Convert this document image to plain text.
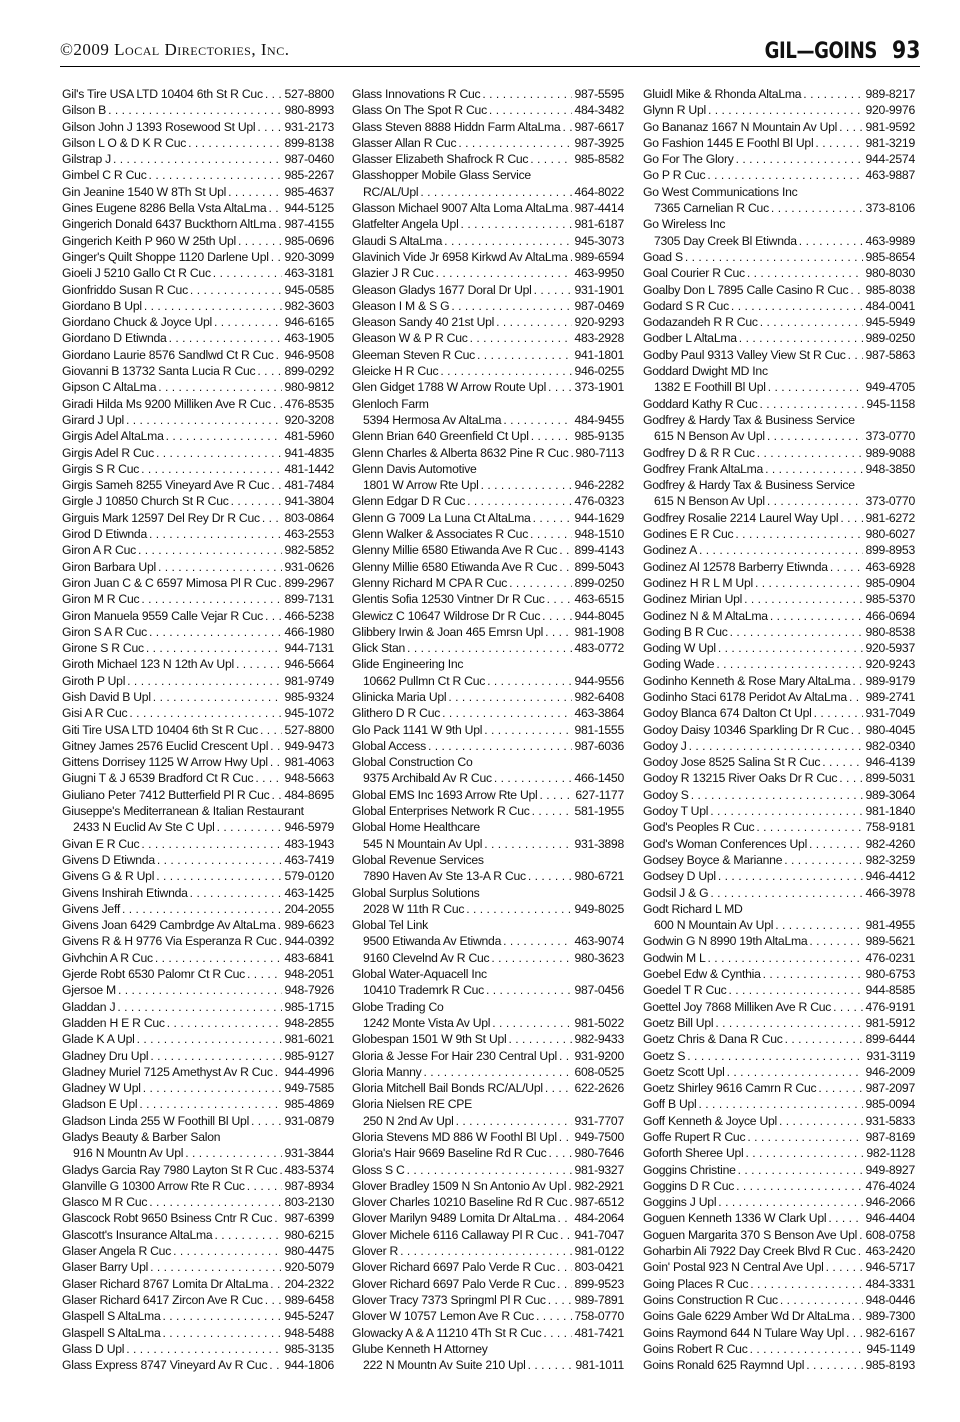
©2009 Local Directories, Inc.	GIL—GOINS 93
Gil's Tire USA LTD 10404 6th St R Cuc . . . 527-8800
Gilson B . . .	980-8993
Gilson John J 1393 Rosewood St Upl . . . 931-2173
Gilson L O & D K R Cuc . . .	899-8138
Gilstrap J . . .	987-0460
Gimbel C R Cuc . . .	985-2267
Gin Jeanine 1540 W 8Th St Upl . . .	985-4637
Gines Eugene 8286 Bella Vsta AltaLma . . . 944-5125
Gingerich Donald 6437 Buckthorn AltLma . . . 987-4155
Gingerich Keith P 960 W 25th Upl . . .	985-0696
Ginger's Quilt Shoppe 1120 Darlene Upl . . . 920-3099
Gioeli J 5210 Gallo Ct R Cuc . . .	463-3181
Gionfriddo Susan R Cuc . . .	945-0585
Giordano B Upl . . .	982-3603
Giordano Chuck & Joyce Upl . . .	946-6165
Giordano D Etiwnda . . .	463-1905
Giordano Laurie 8576 Sandlwd Ct R Cuc . . . 946-9508
Giovanni B 13732 Santa Lucia R Cuc . . . 899-0292
Gipson C AltaLma . . .	980-9812
Giradi Hilda Ms 9200 Milliken Ave R Cuc . . . 476-8535
Girard J Upl . . .	920-3208
Girgis Adel AltaLma . . .	481-5960
Girgis Adel R Cuc . . .	941-4835
Girgis S R Cuc . . .	481-1442
Girgis Sameh 8255 Vineyard Ave R Cuc . . . 481-7484
Girgle J 10850 Church St R Cuc . . .	941-3804
Girguis Mark 12597 Del Rey Dr R Cuc . . . 803-0864
Girod D Etiwnda . . .	463-2553
Giron A R Cuc . . .	982-5852
Giron Barbara Upl . . .	931-0626
Giron Juan C & C 6597 Mimosa Pl R Cuc . . . 899-2967
Giron M R Cuc . . .	899-7131
Giron Manuela 9559 Calle Vejar R Cuc . . . 466-5238
Giron S A R Cuc . . .	466-1980
Girone S R Cuc . . .	944-7131
Giroth Michael 123 N 12th Av Upl . . .	946-5664
Giroth P Upl . . .	981-9749
Gish David B Upl . . .	985-9324
Gisi A R Cuc . . .	945-1072
Giti Tire USA LTD 10404 6th St R Cuc . . . 527-8800
Gitney James 2576 Euclid Crescent Upl . . . 949-9473
Gittens Dorrisey 1125 W Arrow Hwy Upl . . . 981-4063
Giugni T & J 6539 Bradford Ct R Cuc . . .	948-5663
Giuliano Peter 7412 Butterfield Pl R Cuc . . . 484-8695
Giuseppe's Mediterranean & Italian Restaurant
2433 N Euclid Av Ste C Upl . . .	946-5979
Givan E R Cuc . . .	483-1943
Givens D Etiwnda . . .	463-7419
Givens G & R Upl . . .	579-0120
Givens Inshirah Etiwnda . . .	463-1425
Givens Jeff . . .	204-2055
Givens Joan 6429 Cambrdge Av AltaLma . . . 989-6623
Givens R & H 9776 Via Esperanza R Cuc . . . 944-0392
Givhchin A R Cuc . . .	483-6841
Gjerde Robt 6530 Palomr Ct R Cuc . . .	948-2051
Gjersoe M . . .	948-7926
Gladdan J . . .	985-1715
Gladden H E R Cuc . . .	948-2855
Glade K A Upl . . .	981-6021
Gladney Dru Upl . . .	985-9127
Gladney Muriel 7125 Amethyst Av R Cuc . . . 944-4996
Gladney W Upl . . .	949-7585
Gladson E Upl . . .	985-4869
Gladson Linda 255 W Foothill Bl Upl . . .	931-0879
Gladys Beauty & Barber Salon
916 N Mountn Av Upl . . .	931-3844
Gladys Garcia Ray 7980 Layton St R Cuc . . . 483-5374
Glanville G 10300 Arrow Rte R Cuc . . .	987-8934
Glasco M R Cuc . . .	803-2130
Glascock Robt 9650 Bsiness Cntr R Cuc . . . 987-6399
Glascott's Insurance AltaLma . . .	980-6215
Glaser Angela R Cuc . . .	980-4475
Glaser Barry Upl . . .	920-5079
Glaser Richard 8767 Lomita Dr AltaLma . . . 204-2322
Glaser Richard 6417 Zircon Ave R Cuc . . . 989-6458
Glaspell S AltaLma . . .	945-5247
Glaspell S AltaLma . . .	948-5488
Glass D Upl . . .	985-3135
Glass Express 8747 Vineyard Av R Cuc . . . 944-1806
Glass Innovations R Cuc . . .	987-5595
Glass On The Spot R Cuc . . .	484-3482
Glass Steven 8888 Hiddn Farm AltaLma . . . 987-6617
Glasser Allan R Cuc . . .	987-3925
Glasser Elizabeth Shafrock R Cuc . . .	985-8582
Glasshopper Mobile Glass Service
RC/AL/Upl . . .	464-8022
Glasson Michael 9007 Alta Loma AltaLma . . . 987-4414
Glatfelter Angela Upl . . .	981-6187
Glaudi S AltaLma . . .	945-3073
Glavinich Vide Jr 6958 Kirkwd Av AltaLma . . . 989-6594
Glazier J R Cuc . . .	463-9950
Gleason Gladys 1677 Doral Dr Upl . . .	931-1901
Gleason I M & S G . . .	987-0469
Gleason Sandy 40 21st Upl . . .	920-9293
Gleason W & P R Cuc . . .	483-2928
Gleeman Steven R Cuc . . .	941-1801
Gleicke H R Cuc . . .	946-0255
Glen Gidget 1788 W Arrow Route Upl . . . 373-1901
Glenloch Farm
5394 Hermosa Av AltaLma . . .	484-9455
Glenn Brian 640 Greenfield Ct Upl . . .	985-9135
Glenn Charles & Alberta 8632 Pine R Cuc . . . 980-7113
Glenn Davis Automotive
1801 W Arrow Rte Upl . . .	946-2282
Glenn Edgar D R Cuc . . .	476-0323
Glenn G 7009 La Luna Ct AltaLma . . .	944-1629
Glenn Walker & Associates R Cuc . . .	948-1510
Glenny Millie 6580 Etiwanda Ave R Cuc . . . 899-4143
Glenny Millie 6580 Etiwanda Ave R Cuc . . . 899-5043
Glenny Richard M CPA R Cuc . . .	899-0250
Glentis Sofia 12530 Vintner Dr R Cuc . . . 463-6515
Glewicz C 10647 Wildrose Dr R Cuc . . .	944-8045
Glibbery Irwin & Joan 465 Emrsn Upl . . .	981-1908
Glick Stan . . .	483-0772
Glide Engineering Inc
10662 Pullmn Ct R Cuc . . .	944-9556
Glinicka Maria Upl . . .	982-6408
Glithero D R Cuc . . .	463-3864
Glo Pack 1141 W 9th Upl . . .	981-1555
Global Access . . .	987-6036
Global Construction Co
9375 Archibald Av R Cuc . . .	466-1450
Global EMS Inc 1693 Arrow Rte Upl . . .	627-1177
Global Enterprises Network R Cuc . . .	581-1955
Global Home Healthcare
545 N Mountain Av Upl . . .	931-3898
Global Revenue Services
7890 Haven Av Ste 13-A R Cuc . . .	980-6721
Global Surplus Solutions
2028 W 11th R Cuc . . .	949-8025
Global Tel Link
9500 Etiwanda Av Etiwnda . . .	463-9074
9160 Clevelnd Av R Cuc . . .	980-3623
Global Water-Aquacell Inc
10410 Trademrk R Cuc . . .	987-0456
Globe Trading Co
1242 Monte Vista Av Upl . . .	981-5022
Globespan 1501 W 9th St Upl . . .	982-9433
Gloria & Jesse For Hair 230 Central Upl . . . 931-9200
Gloria Manny . . .	608-0525
Gloria Mitchell Bail Bonds RC/AL/Upl . . .	622-2626
Gloria Nielsen RE CPE
250 N 2nd Av Upl . . .	931-7707
Gloria Stevens MD 886 W Foothl Bl Upl . . . 949-7500
Gloria's Hair 9669 Baseline Rd R Cuc . . . 980-7646
Gloss S C . . .	981-9327
Glover Bradley 1509 N Sn Antonio Av Upl . . . 982-2921
Glover Charles 10210 Baseline Rd R Cuc . . . 987-6512
Glover Marilyn 9489 Lomita Dr AltaLma . . . 484-2064
Glover Michele 6116 Callaway Pl R Cuc . . . 941-7047
Glover R . . .	981-0122
Glover Richard 6697 Palo Verde R Cuc . . . 803-0421
Glover Richard 6697 Palo Verde R Cuc . . . 899-9523
Glover Tracy 7373 Springml Pl R Cuc . . . 989-7891
Glover W 10757 Lemon Ave R Cuc . . .	758-0770
Glowacky A & A 11210 4Th St R Cuc . . .	481-7421
Glube Kenneth H Attorney
222 N Mountn Av Suite 210 Upl . . .	981-1011
Gluidl Mike & Rhonda AltaLma . . .	989-8217
Glynn R Upl . . .	920-9976
Go Bananaz 1667 N Mountain Av Upl . . . 981-9592
Go Fashion 1445 E Foothl Bl Upl . . .	981-3219
Go For The Glory . . .	944-2574
Go P R Cuc . . .	463-9887
Go West Communications Inc
7365 Carnelian R Cuc . . .	373-8106
Go Wireless Inc
7305 Day Creek Bl Etiwnda . . .	463-9989
Goad S . . .	985-8654
Goal Courier R Cuc . . .	980-8030
Goalby Don L 7895 Calle Casino R Cuc . . . 985-8038
Godard S R Cuc . . .	484-0041
Godazandeh R R Cuc . . .	945-5949
Godber L AltaLma . . .	989-0250
Godby Paul 9313 Valley View St R Cuc . . . 987-5863
Goddard Dwight MD Inc
1382 E Foothill Bl Upl . . .	949-4705
Goddard Kathy R Cuc . . .	945-1158
Godfrey & Hardy Tax & Business Service
615 N Benson Av Upl . . .	373-0770
Godfrey D & R R Cuc . . .	989-9088
Godfrey Frank AltaLma . . .	948-3850
Godfrey & Hardy Tax & Business Service
615 N Benson Av Upl . . .	373-0770
Godfrey Rosalie 2214 Laurel Way Upl . . . 981-6272
Godines E R Cuc . . .	980-6027
Godinez A . . .	899-8953
Godinez Al 12578 Barberry Etiwnda . . .	463-6928
Godinez H R L M Upl . . .	985-0904
Godinez Mirian Upl . . .	985-5370
Godinez N & M AltaLma . . .	466-0694
Goding B R Cuc . . .	980-8538
Goding W Upl . . .	920-5937
Goding Wade . . .	920-9243
Godinho Kenneth & Rose Mary AltaLma . . . 989-9179
Godinho Staci 6178 Peridot Av AltaLma . . . 989-2741
Godoy Blanca 674 Dalton Ct Upl . . .	931-7049
Godoy Daisy 10346 Sparkling Dr R Cuc . . . 980-4045
Godoy J . . .	982-0340
Godoy Jose 8525 Salina St R Cuc . . .	946-4139
Godoy R 13215 River Oaks Dr R Cuc . . . 899-5031
Godoy S . . .	989-3064
Godoy T Upl . . .	981-1840
God's Peoples R Cuc . . .	758-9181
God's Woman Conferences Upl . . .	982-4260
Godsey Boyce & Marianne . . .	982-3259
Godsey D Upl . . .	946-4412
Godsil J & G . . .	466-3978
Godt Richard L MD
600 N Mountain Av Upl . . .	981-4955
Godwin G N 8990 19th AltaLma . . .	989-5621
Godwin M L . . .	476-0231
Goebel Edw & Cynthia . . .	980-6753
Goedel T R Cuc . . .	944-8585
Goettel Joy 7868 Milliken Ave R Cuc . . .	476-9191
Goetz Bill Upl . . .	981-5912
Goetz Chris & Dana R Cuc . . .	899-6444
Goetz S . . .	931-3119
Goetz Scott Upl . . .	946-2009
Goetz Shirley 9616 Camrn R Cuc . . .	987-2097
Goff B Upl . . .	985-0094
Goff Kenneth & Joyce Upl . . .	931-5833
Goffe Rupert R Cuc . . .	987-8169
Goforth Sheree Upl . . .	982-1128
Goggins Christine . . .	949-8927
Goggins D R Cuc . . .	476-4024
Goggins J Upl . . .	946-2066
Goguen Kenneth 1336 W Clark Upl . . .	946-4404
Goguen Margarita 370 S Benson Ave Upl . . . 608-0758
Goharbin Ali 7922 Day Creek Blvd R Cuc . . . 463-2420
Goin' Postal 923 N Central Ave Upl . . .	946-5717
Going Places R Cuc . . .	484-3331
Goins Construction R Cuc . . .	948-0446
Goins Gale 6229 Amber Wd Dr AltaLma . . . 989-7300
Goins Raymond 644 N Tulare Way Upl . . . 982-6167
Goins Robert R Cuc . . .	945-1149
Goins Ronald 625 Raymnd Upl . . .	985-8193
